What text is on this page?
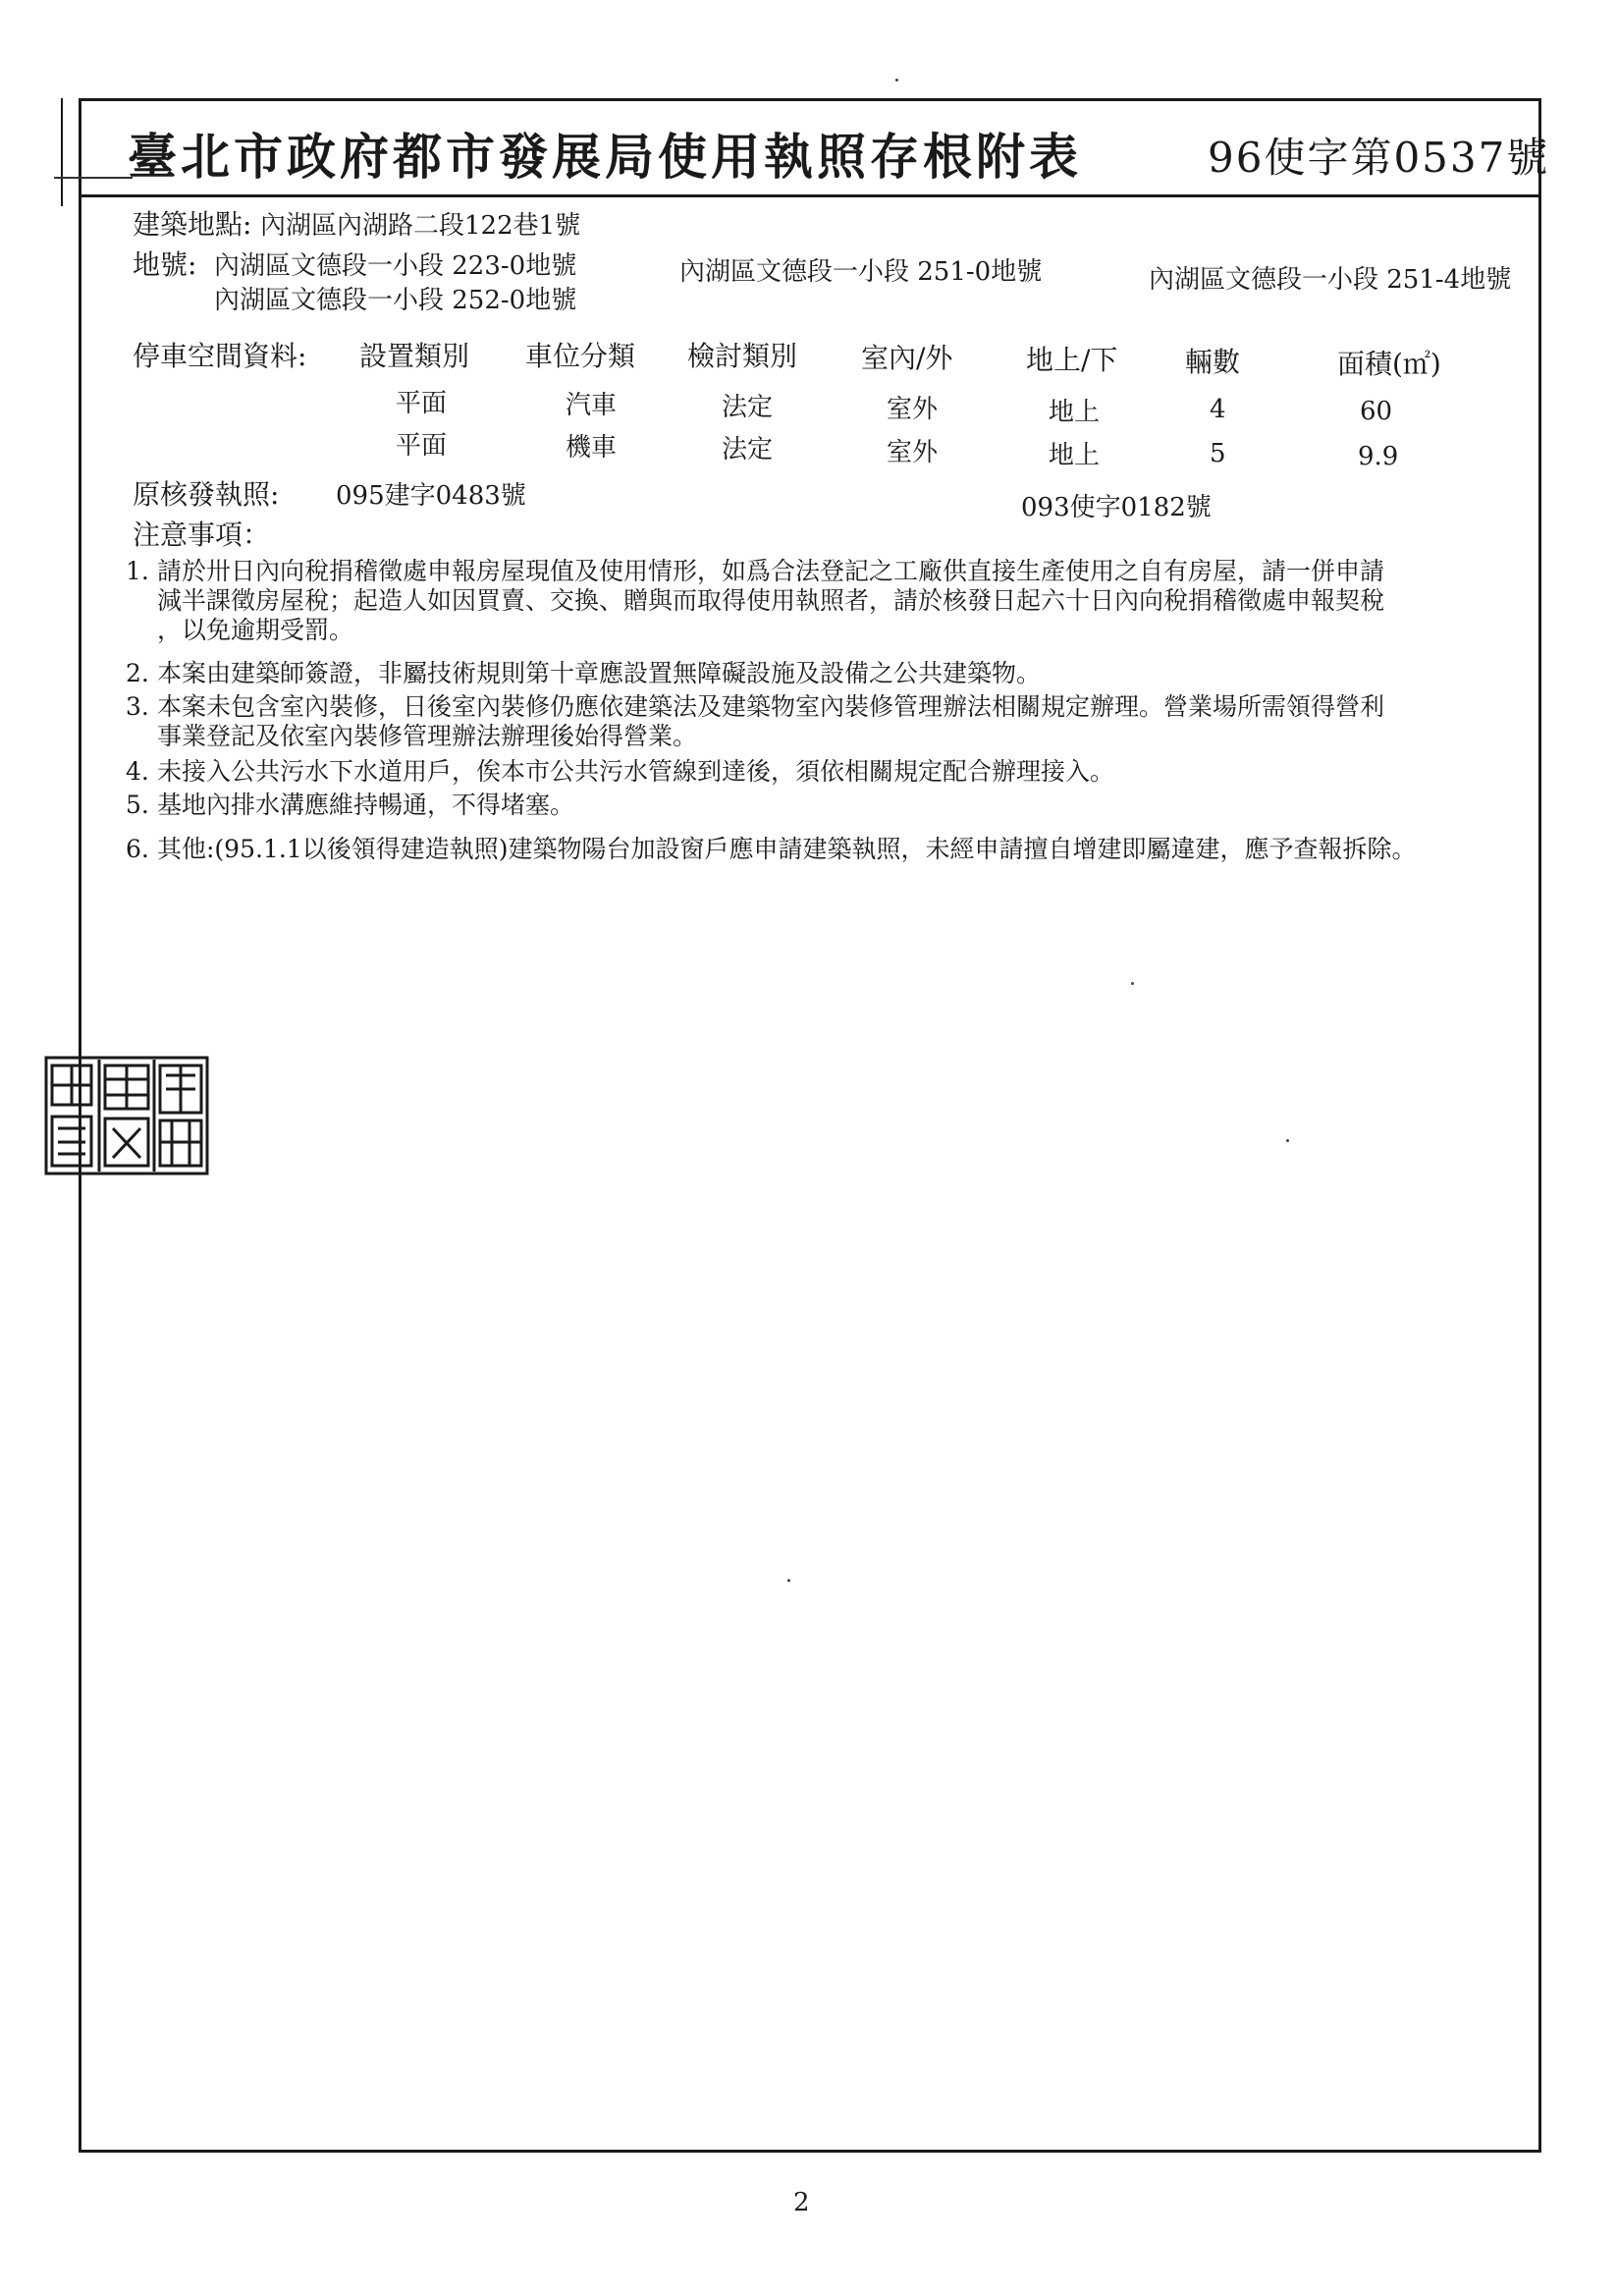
臺北市政府都市發展局使用執照存根附表	96使字第0537號
建築地點: 內湖區內湖路二段122巷1號
地號: 內湖區文德段一小段 223-0地號	內湖區文德段一小段 251-0地號	內湖區文德段一小段 251-4地號
內湖區文德段一小段 252-0地號
停車空間資料: 設置類別 車位分類 檢討類別 室內/外	地上/下 輛數	面積(㎡)
平面	汽車	法定	室外	地上	4	60
平面	機車	法定	室外	地上	5	9.9
原核發執照: 095建字0483號	093使字0182號
注意事項：
1. 請於卅日內向稅捐稽徵處申報房屋現值及使用情形，如爲合法登記之工廠供直接生產使用之自有房屋，請一併申請
減半課徵房屋稅；起造人如因買賣、交換、贈與而取得使用執照者，請於核發日起六十日內向稅捐稽徵處申報契稅
，以免逾期受罰。
2. 本案由建築師簽證，非屬技術規則第十章應設置無障礙設施及設備之公共建築物。
3. 本案未包含室內裝修，日後室內裝修仍應依建築法及建築物室內裝修管理辦法相關規定辦理。營業場所需領得營利
事業登記及依室內裝修管理辦法辦理後始得營業。
4. 未接入公共污水下水道用戶，俟本市公共污水管線到達後，須依相關規定配合辦理接入。
5. 基地內排水溝應維持暢通，不得堵塞。
6. 其他:(95.1.1以後領得建造執照)建築物陽台加設窗戶應申請建築執照，未經申請擅自增建即屬違建，應予查報拆除。
2
